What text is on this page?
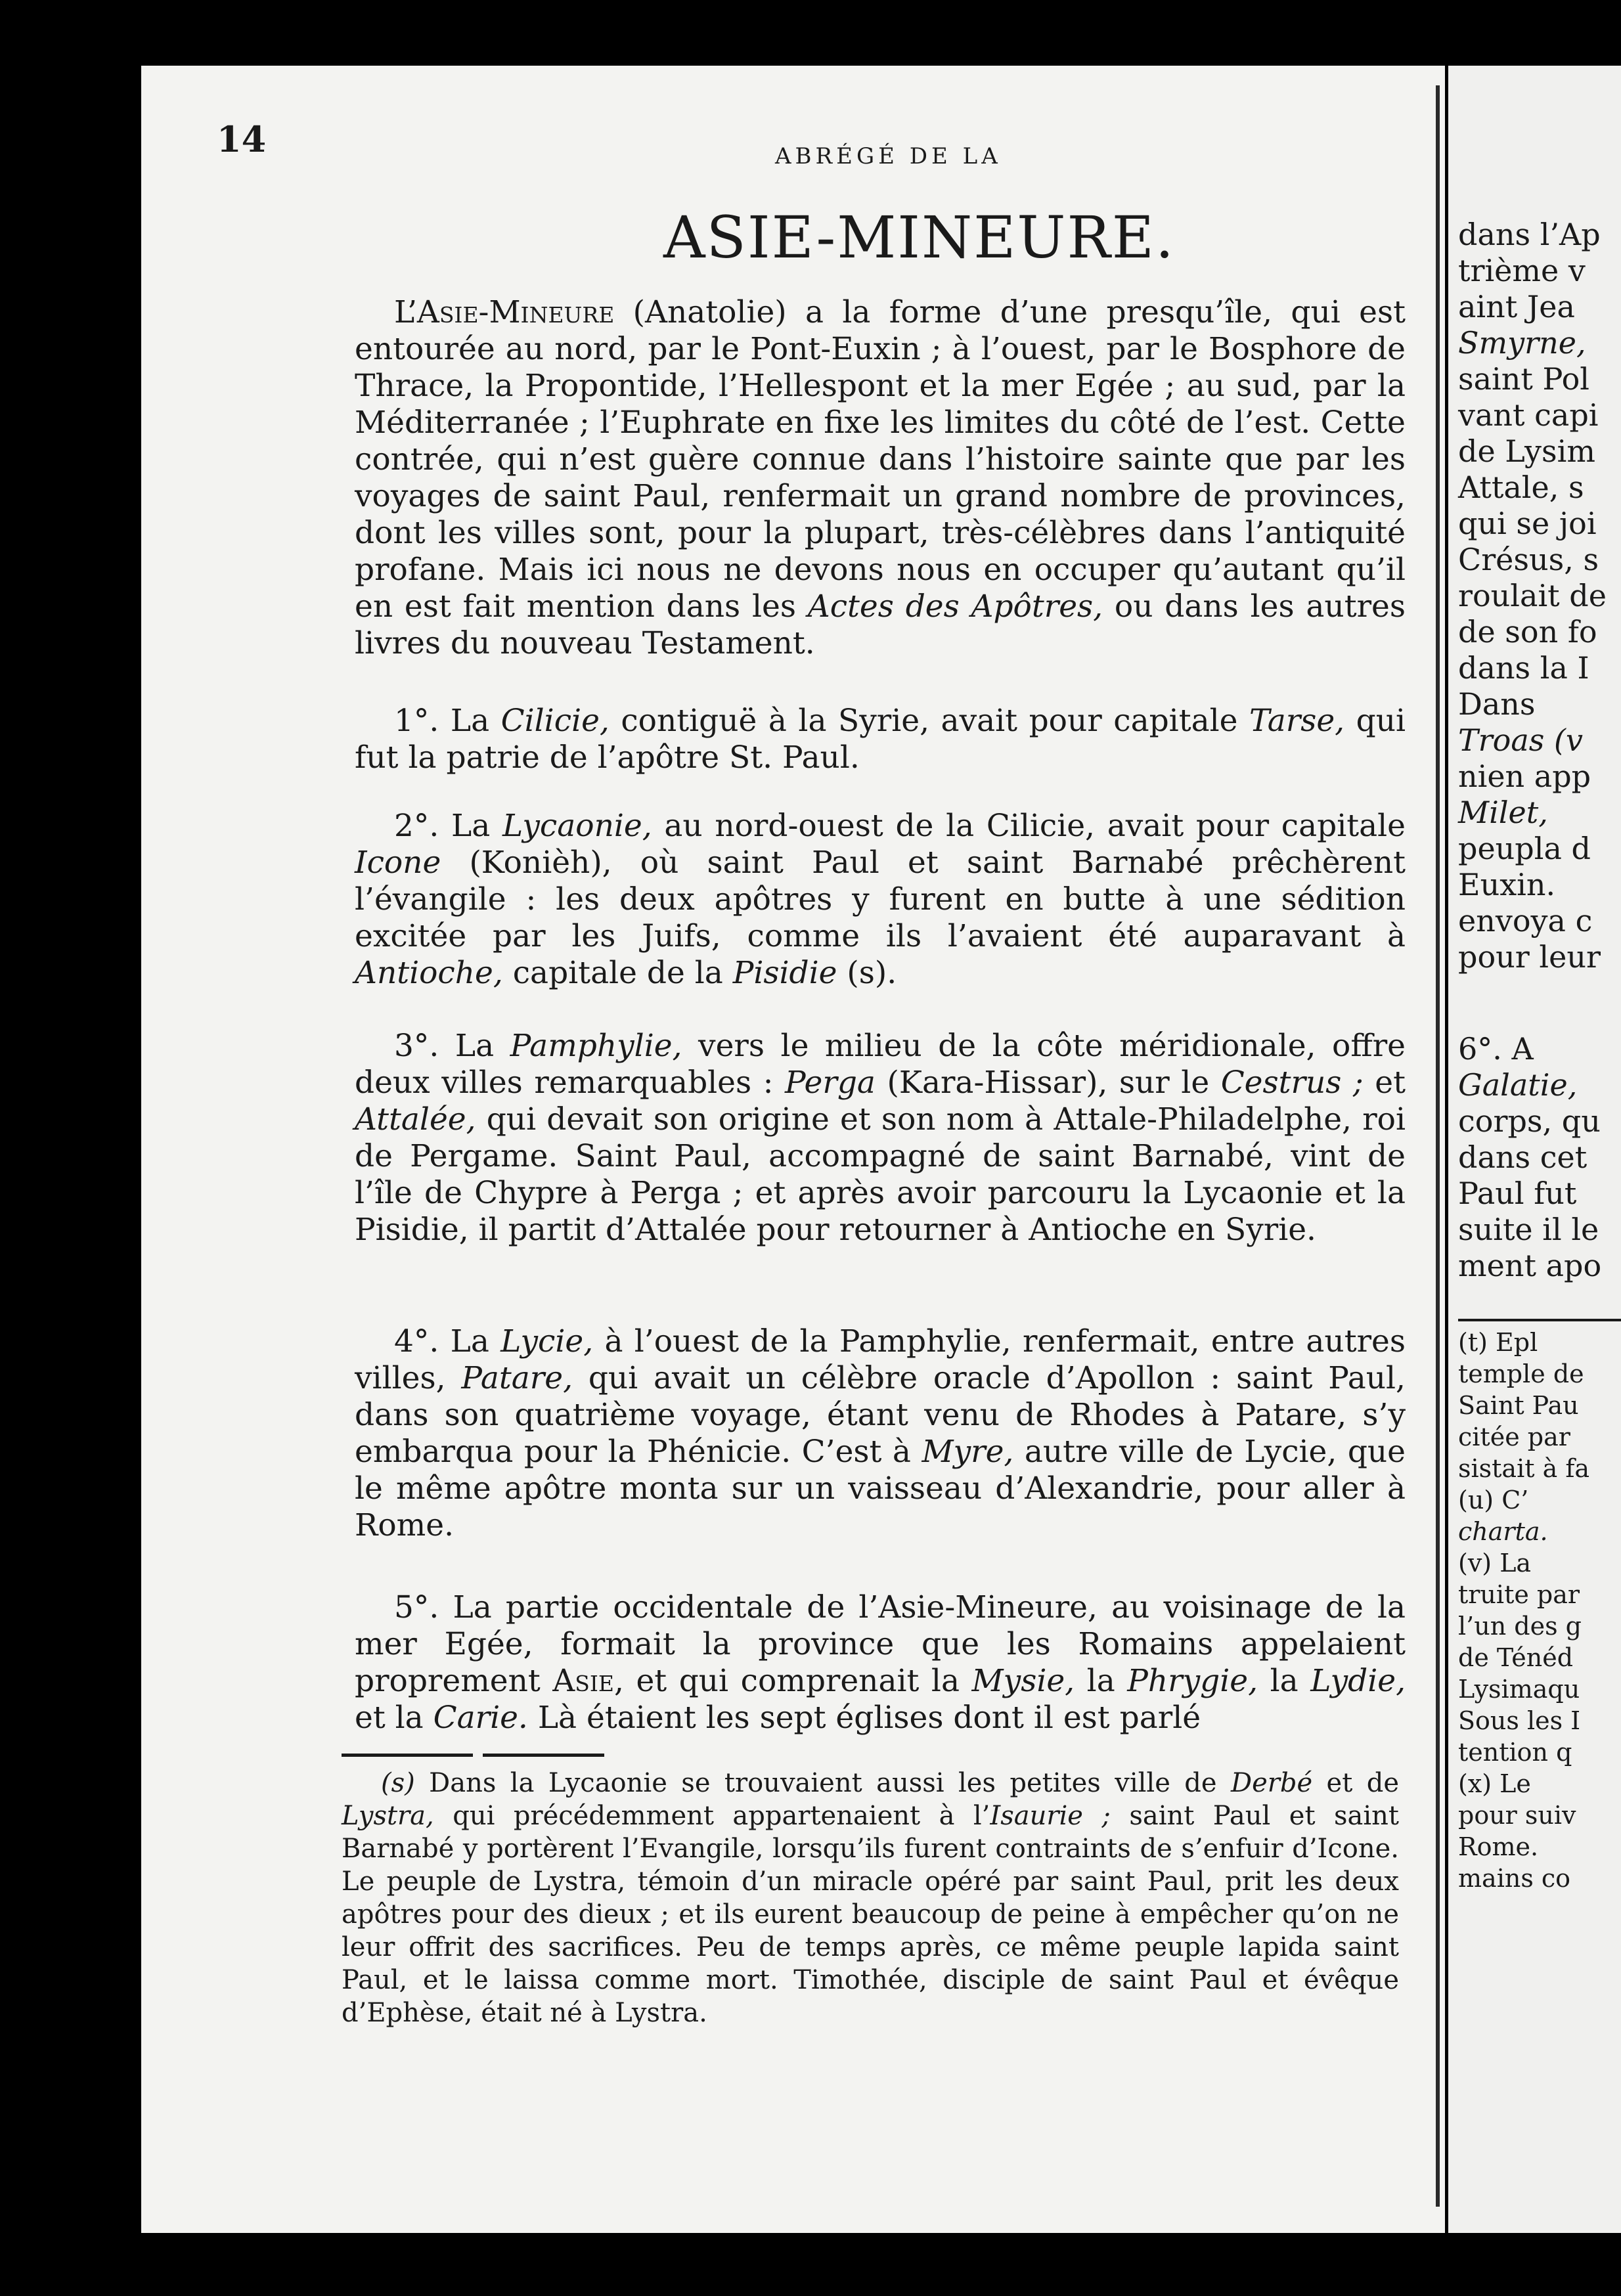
14	ABRÉGÉ DE LA
ASIE-MINEURE.

L’Asie-Mineure (Anatolie) a la forme d’une presqu’île, qui est entourée au nord, par le Pont-Euxin ; à l’ouest, par le Bosphore de Thrace, la Propontide, l’Hellespont et la mer Egée ; au sud, par la Méditerranée ; l’Euphrate en fixe les limites du côté de l’est. Cette contrée, qui n’est guère connue dans l’histoire sainte que par les voyages de saint Paul, renfermait un grand nombre de provinces, dont les villes sont, pour la plupart, très-célèbres dans l’antiquité profane. Mais ici nous ne devons nous en occuper qu’autant qu’il en est fait mention dans les Actes des Apôtres, ou dans les autres livres du nouveau Testament.

1°. La Cilicie, contiguë à la Syrie, avait pour capitale Tarse, qui fut la patrie de l’apôtre St. Paul.

2°. La Lycaonie, au nord-ouest de la Cilicie, avait pour capitale Icone (Konièh), où saint Paul et saint Barnabé prêchèrent l’évangile : les deux apôtres y furent en butte à une sédition excitée par les Juifs, comme ils l’avaient été auparavant à Antioche, capitale de la Pisidie (s).

3°. La Pamphylie, vers le milieu de la côte méridionale, offre deux villes remarquables : Perga (Kara-Hissar), sur le Cestrus ; et Attalée, qui devait son origine et son nom à Attale-Philadelphe, roi de Pergame. Saint Paul, accompagné de saint Barnabé, vint de l’île de Chypre à Perga ; et après avoir parcouru la Lycaonie et la Pisidie, il partit d’Attalée pour retourner à Antioche en Syrie.

4°. La Lycie, à l’ouest de la Pamphylie, renfermait, entre autres villes, Patare, qui avait un célèbre oracle d’Apollon : saint Paul, dans son quatrième voyage, étant venu de Rhodes à Patare, s’y embarqua pour la Phénicie. C’est à Myre, autre ville de Lycie, que le même apôtre monta sur un vaisseau d’Alexandrie, pour aller à Rome.

5°. La partie occidentale de l’Asie-Mineure, au voisinage de la mer Egée, formait la province que les Romains appelaient proprement Asie, et qui comprenait la Mysie, la Phrygie, la Lydie, et la Carie. Là étaient les sept églises dont il est parlé

(s) Dans la Lycaonie se trouvaient aussi les petites ville de Derbé et de Lystra, qui précédemment appartenaient à l’Isaurie ; saint Paul et saint Barnabé y portèrent l’Evangile, lorsqu’ils furent contraints de s’enfuir d’Icone. Le peuple de Lystra, témoin d’un miracle opéré par saint Paul, prit les deux apôtres pour des dieux ; et ils eurent beaucoup de peine à empêcher qu’on ne leur offrit des sacrifices. Peu de temps après, ce même peuple lapida saint Paul, et le laissa comme mort. Timothée, disciple de saint Paul et évêque d’Ephèse, était né à Lystra.

dans l’Ap
trième v
aint Jea
Smyrne,
saint Pol
vant capi
de Lysim
Attale, s
qui se joi
Crésus, s
roulait de
de son fo
dans la I
Dans
Troas (v
nien app
Milet,
peupla d
Euxin.
envoya c
pour leur
6°. A
Galatie,
corps, qu
dans cet
Paul fut
suite il le
ment apo
(t) Epl
temple de
Saint Pau
citée par
sistait à fa
(u) C’
charta.
(v) La
truite par
l’un des g
de Ténéd
Lysimaqu
Sous les I
tention q
(x) Le
pour suiv
Rome.
mains co
